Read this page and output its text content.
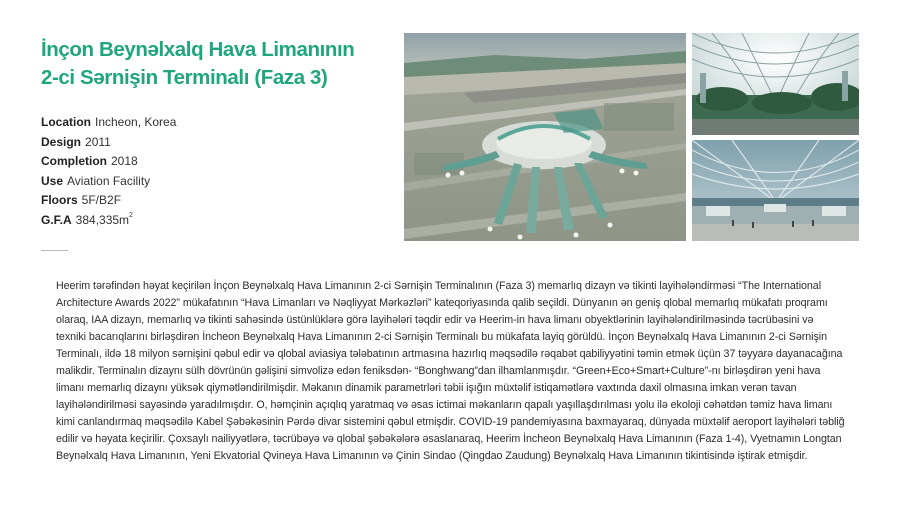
İnçon Beynəlxalq Hava Limanının
2-ci Sərnişin Terminalı (Faza 3)
Location Incheon, Korea
Design 2011
Completion 2018
Use Aviation Facility
Floors 5F/B2F
G.F.A $384,335m^2$

Heerim tərəfindən həyat keçirilən İnçon Beynəlxalq Hava Limanının 2-ci Sərnişin Terminalının (Faza 3) memarlıq dizayn və tikinti layihələndirməsi “The International Architecture Awards 2022” mükafatının “Hava Limanları və Nəqliyyat Mərkəzləri” kateqoriyasında qalib seçildi. Dünyanın ən geniş qlobal memarlıq mükafatı proqramı olaraq, IAA dizayn, memarlıq və tikinti sahəsində üstünlüklərə görə layihələri təqdir edir və Heerim-in hava limanı obyektlərinin layihələndirilməsində təcrübəsini və texniki bacarıqlarını birləşdirən İncheon Beynəlxalq Hava Limanının 2-ci Sərnişin Terminalı bu mükafata layiq görüldü. İnçon Beynəlxalq Hava Limanının 2-ci Sərnişin Terminalı, ildə 18 milyon sərnişini qəbul edir və qlobal aviasiya tələbatının artmasına hazırlıq məqsədilə rəqabət qabiliyyətini təmin etmək üçün 37 təyyarə dayanacağına malikdir. Terminalın dizaynı sülh dövrünün gəlişini simvolizə edən feniksdən- “Bonghwang”dan ilhamlanmışdır. “Green+Eco+Smart+Culture”-nı birləşdirən yeni hava limanı memarlıq dizaynı yüksək qiymətləndirilmişdir. Məkanın dinamik parametrləri təbii işığın müxtəlif istiqamətlərə vaxtında daxil olmasına imkan verən tavan layihələndirilməsi sayəsində yaradılmışdır. O, həmçinin açıqlıq yaratmaq və əsas ictimai məkanların qapalı yaşıllaşdırılması yolu ilə ekoloji cəhətdən təmiz hava limanı kimi canlandırmaq məqsədilə Kabel Şəbəkəsinin Pərdə divar sistemini qəbul etmişdir. COVID-19 pandemiyasına baxmayaraq, dünyada müxtəlif aeroport layihələri təbliğ edilir və həyata keçirilir. Çoxsaylı nailiyyətlərə, təcrübəyə və qlobal şəbəkələrə əsaslanaraq, Heerim İncheon Beynəlxalq Hava Limanının (Faza 1-4), Vyetnamın Longtan Beynəlxalq Hava Limanının, Yeni Ekvatorial Qvineya Hava Limanının və Çinin Sindao (Qingdao Zaudung) Beynəlxalq Hava Limanının tikintisində iştirak etmişdir.
